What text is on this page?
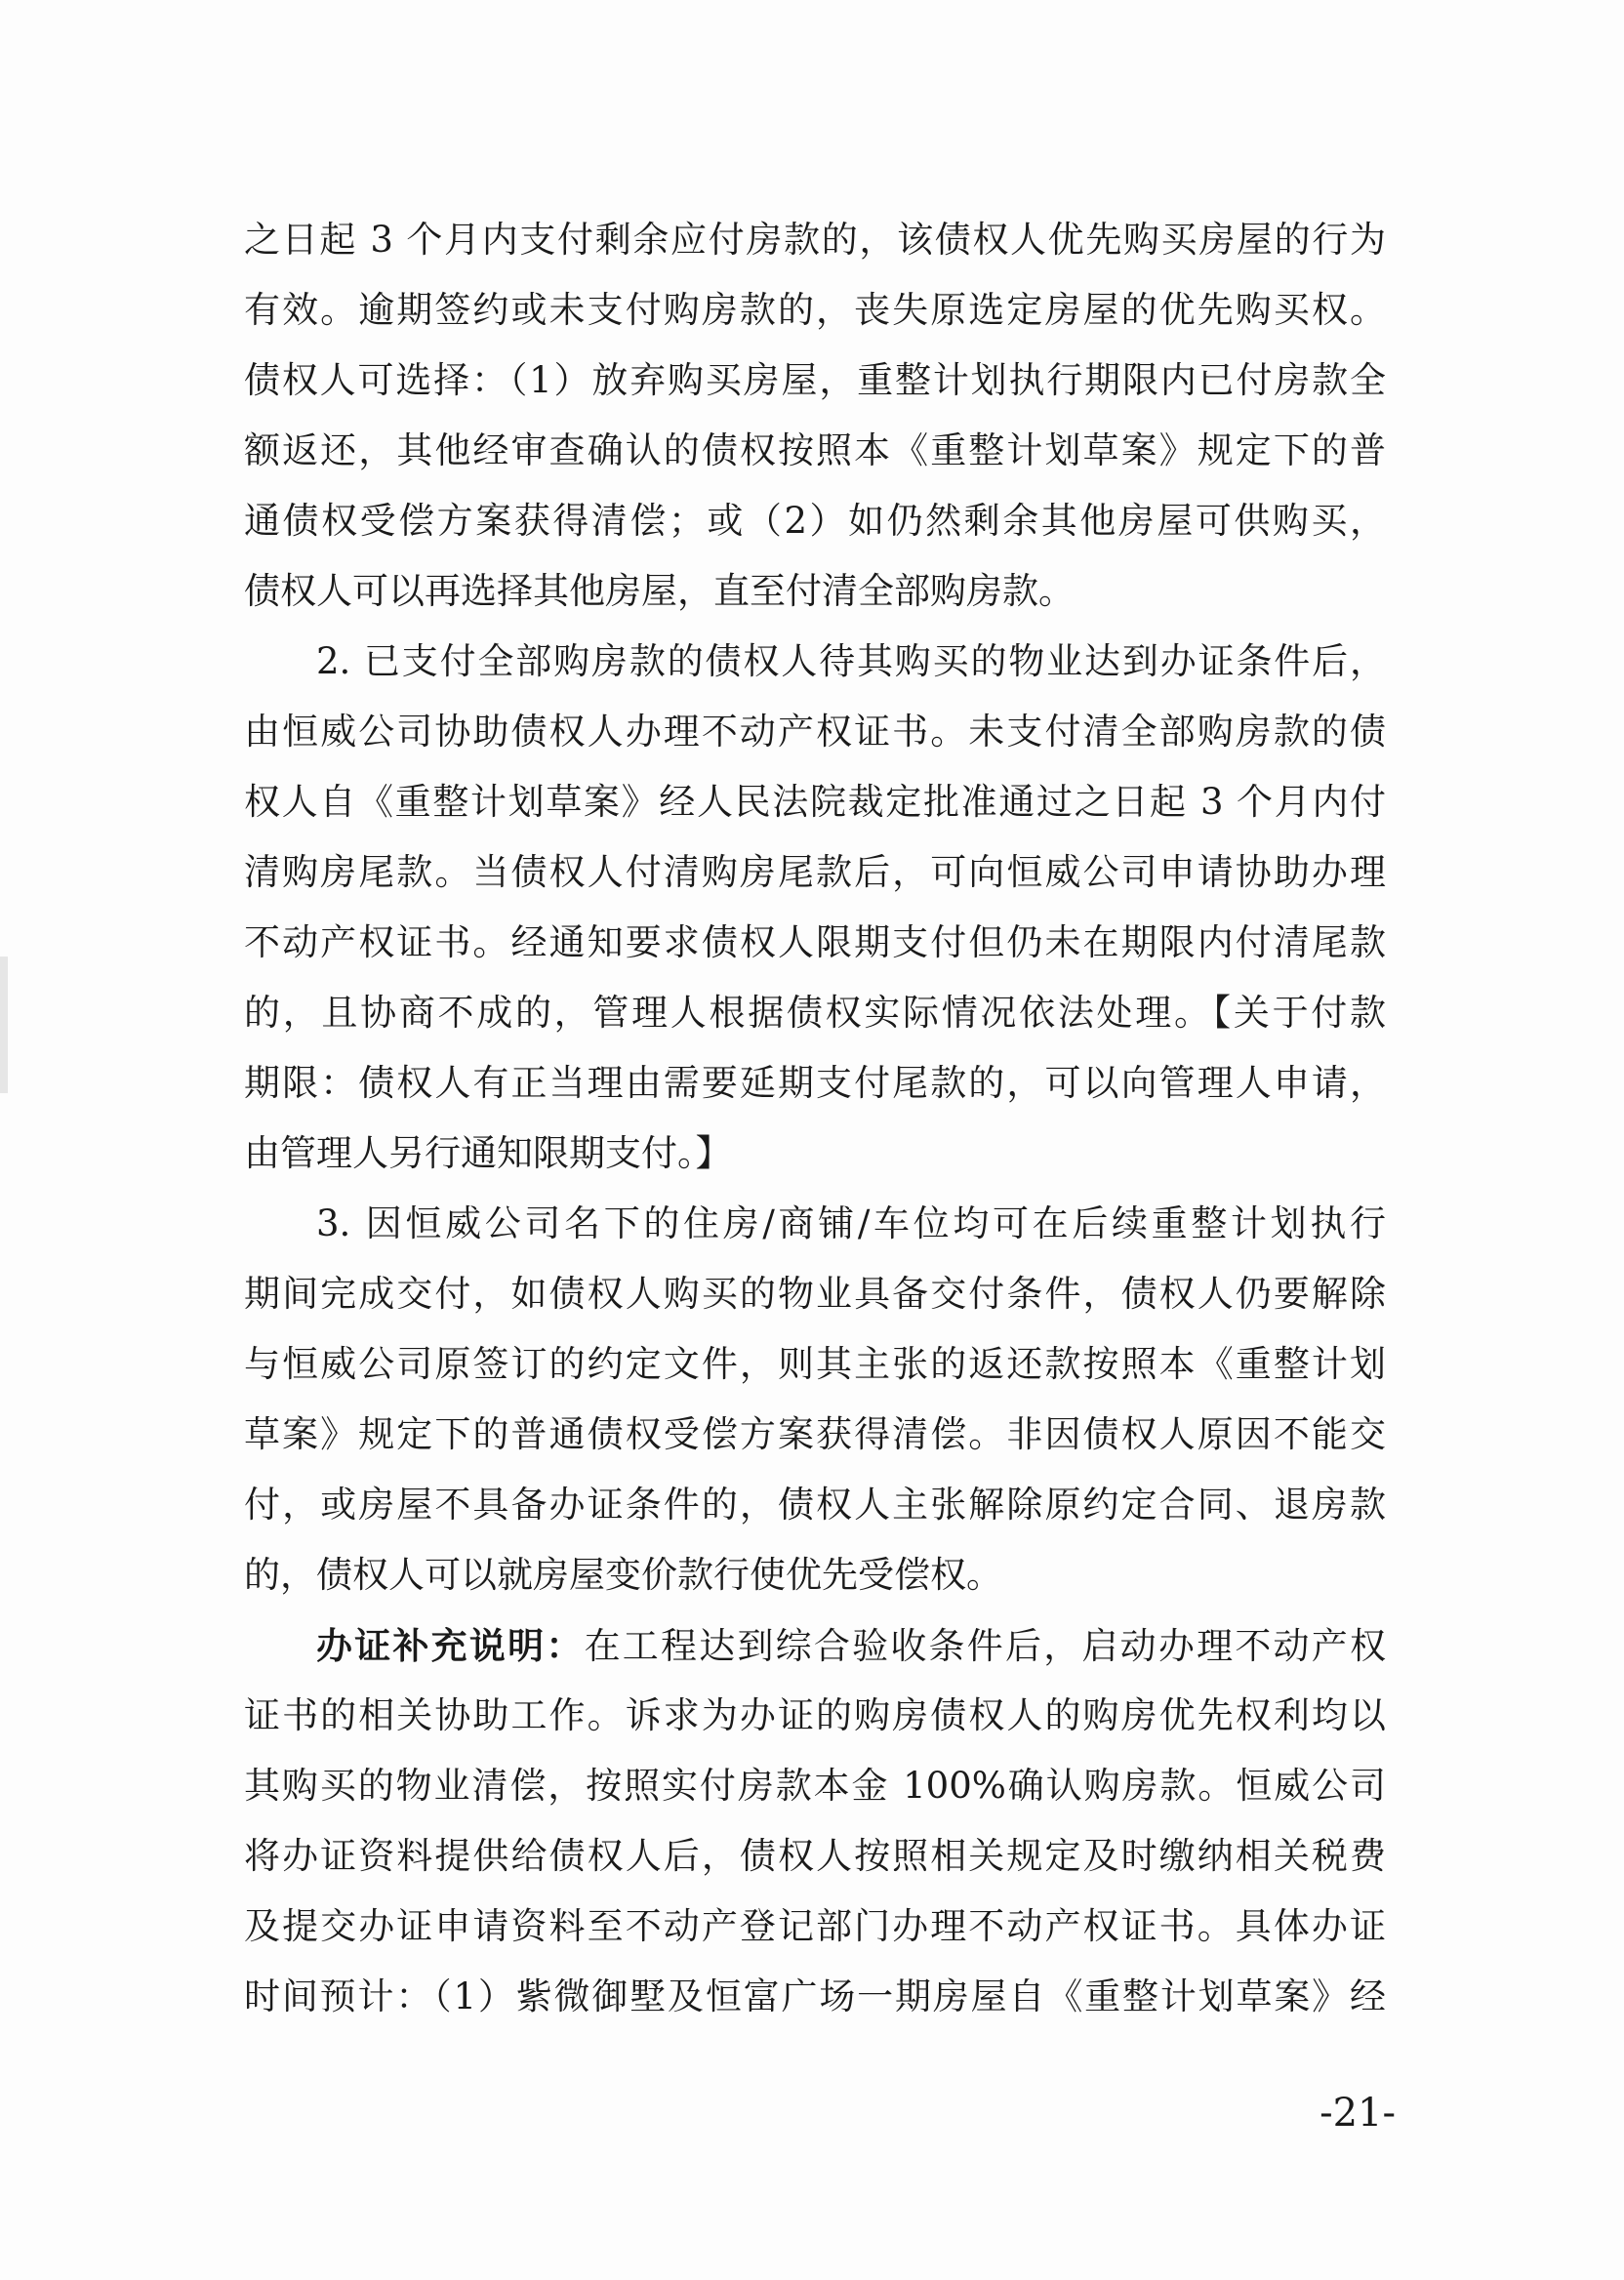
之日起 3 个月内支付剩余应付房款的，该债权人优先购买房屋的行为
有效。逾期签约或未支付购房款的，丧失原选定房屋的优先购买权。
债权人可选择：（1）放弃购买房屋，重整计划执行期限内已付房款全
额返还，其他经审查确认的债权按照本《重整计划草案》规定下的普
通债权受偿方案获得清偿；或（2）如仍然剩余其他房屋可供购买，
债权人可以再选择其他房屋，直至付清全部购房款。
2. 已支付全部购房款的债权人待其购买的物业达到办证条件后，
由恒威公司协助债权人办理不动产权证书。未支付清全部购房款的债
权人自《重整计划草案》经人民法院裁定批准通过之日起 3 个月内付
清购房尾款。当债权人付清购房尾款后，可向恒威公司申请协助办理
不动产权证书。经通知要求债权人限期支付但仍未在期限内付清尾款
的，且协商不成的，管理人根据债权实际情况依法处理。【关于付款
期限：债权人有正当理由需要延期支付尾款的，可以向管理人申请，
由管理人另行通知限期支付。】
3. 因恒威公司名下的住房/商铺/车位均可在后续重整计划执行
期间完成交付，如债权人购买的物业具备交付条件，债权人仍要解除
与恒威公司原签订的约定文件，则其主张的返还款按照本《重整计划
草案》规定下的普通债权受偿方案获得清偿。非因债权人原因不能交
付，或房屋不具备办证条件的，债权人主张解除原约定合同、退房款
的，债权人可以就房屋变价款行使优先受偿权。
办证补充说明：在工程达到综合验收条件后，启动办理不动产权
证书的相关协助工作。诉求为办证的购房债权人的购房优先权利均以
其购买的物业清偿，按照实付房款本金 100%确认购房款。恒威公司
将办证资料提供给债权人后，债权人按照相关规定及时缴纳相关税费
及提交办证申请资料至不动产登记部门办理不动产权证书。具体办证
时间预计：（1）紫微御墅及恒富广场一期房屋自《重整计划草案》经
-21-
